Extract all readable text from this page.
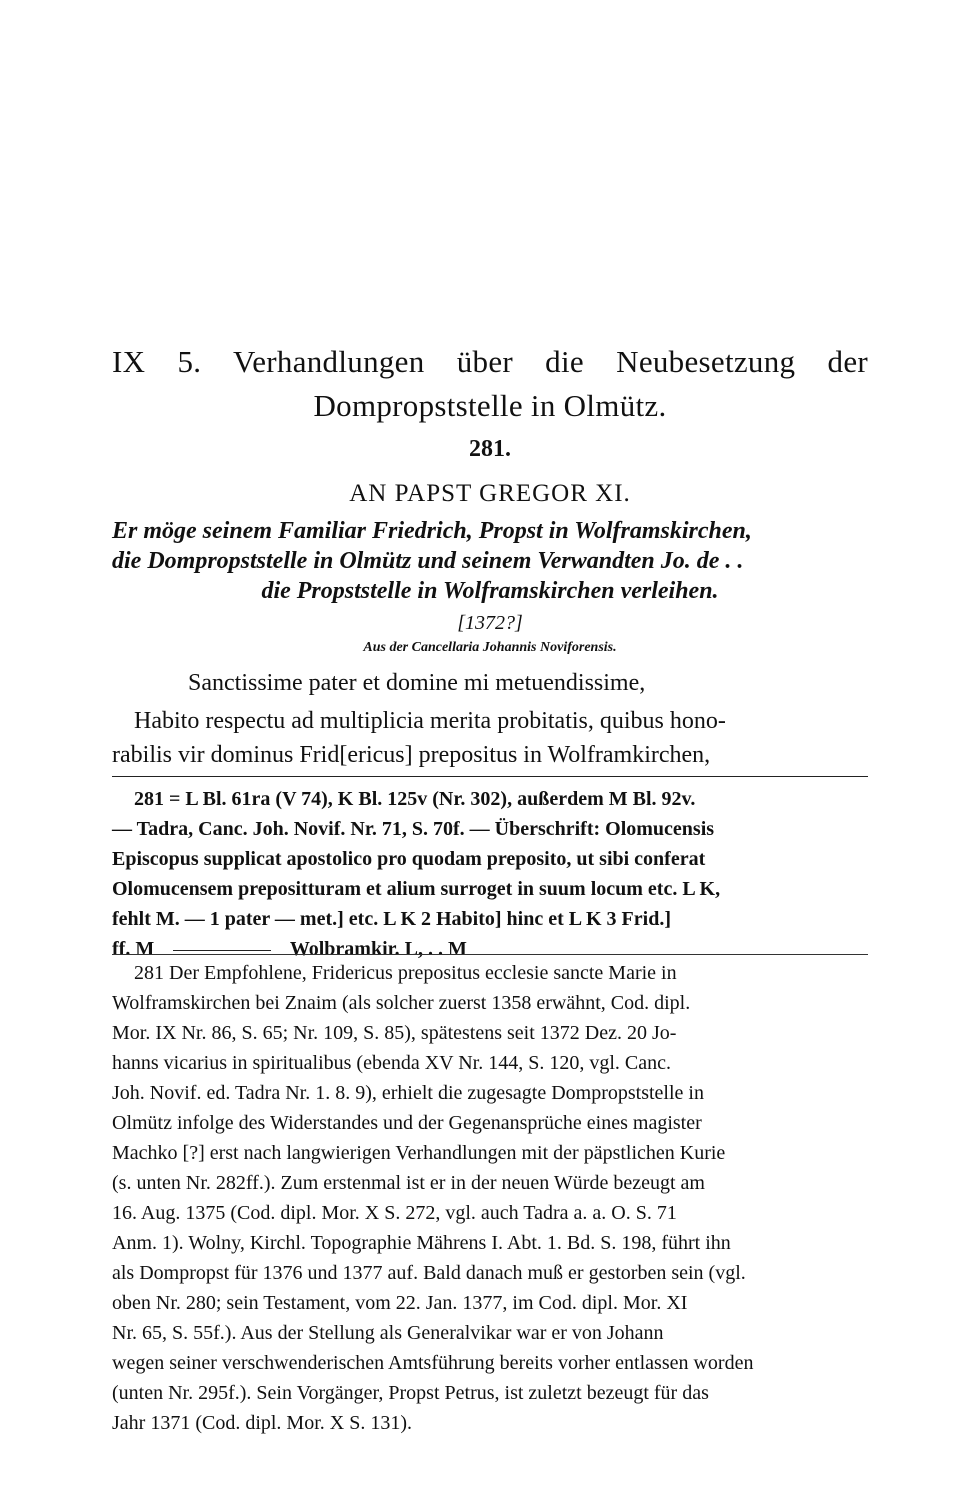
IX 5. Verhandlungen über die Neubesetzung der
Dompropststelle in Olmütz.
281.
AN PAPST GREGOR XI.
Er möge seinem Familiar Friedrich, Propst in Wolframskirchen,
die Dompropststelle in Olmütz und seinem Verwandten Jo. de . .
die Propststelle in Wolframskirchen verleihen.
[1372?]
Aus der Cancellaria Johannis Noviforensis.
Sanctissime pater et domine mi metuendissime,
Habito respectu ad multiplicia merita probitatis, quibus hono-
rabilis vir dominus Frid[ericus] prepositus in Wolframkirchen,
281 = L Bl. 61ra (V 74), K Bl. 125v (Nr. 302), außerdem M Bl. 92v.
— Tadra, Canc. Joh. Novif. Nr. 71, S. 70f. — Überschrift: Olomucensis
Episcopus supplicat apostolico pro quodam preposito, ut sibi conferat
Olomucensem prepositturam et alium surroget in suum locum etc. L K,
fehlt M. — 1 pater — met.] etc. L K 2 Habito] hinc et L K 3 Frid.]
ff. M	Wolbramkir. L, . . M
281 Der Empfohlene, Fridericus prepositus ecclesie sancte Marie in
Wolframskirchen bei Znaim (als solcher zuerst 1358 erwähnt, Cod. dipl.
Mor. IX Nr. 86, S. 65; Nr. 109, S. 85), spätestens seit 1372 Dez. 20 Jo-
hanns vicarius in spiritualibus (ebenda XV Nr. 144, S. 120, vgl. Canc.
Joh. Novif. ed. Tadra Nr. 1. 8. 9), erhielt die zugesagte Dompropststelle in
Olmütz infolge des Widerstandes und der Gegenansprüche eines magister
Machko [?] erst nach langwierigen Verhandlungen mit der päpstlichen Kurie
(s. unten Nr. 282ff.). Zum erstenmal ist er in der neuen Würde bezeugt am
16. Aug. 1375 (Cod. dipl. Mor. X S. 272, vgl. auch Tadra a. a. O. S. 71
Anm. 1). Wolny, Kirchl. Topographie Mährens I. Abt. 1. Bd. S. 198, führt ihn
als Dompropst für 1376 und 1377 auf. Bald danach muß er gestorben sein (vgl.
oben Nr. 280; sein Testament, vom 22. Jan. 1377, im Cod. dipl. Mor. XI
Nr. 65, S. 55f.). Aus der Stellung als Generalvikar war er von Johann
wegen seiner verschwenderischen Amtsführung bereits vorher entlassen worden
(unten Nr. 295f.). Sein Vorgänger, Propst Petrus, ist zuletzt bezeugt für das
Jahr 1371 (Cod. dipl. Mor. X S. 131).
